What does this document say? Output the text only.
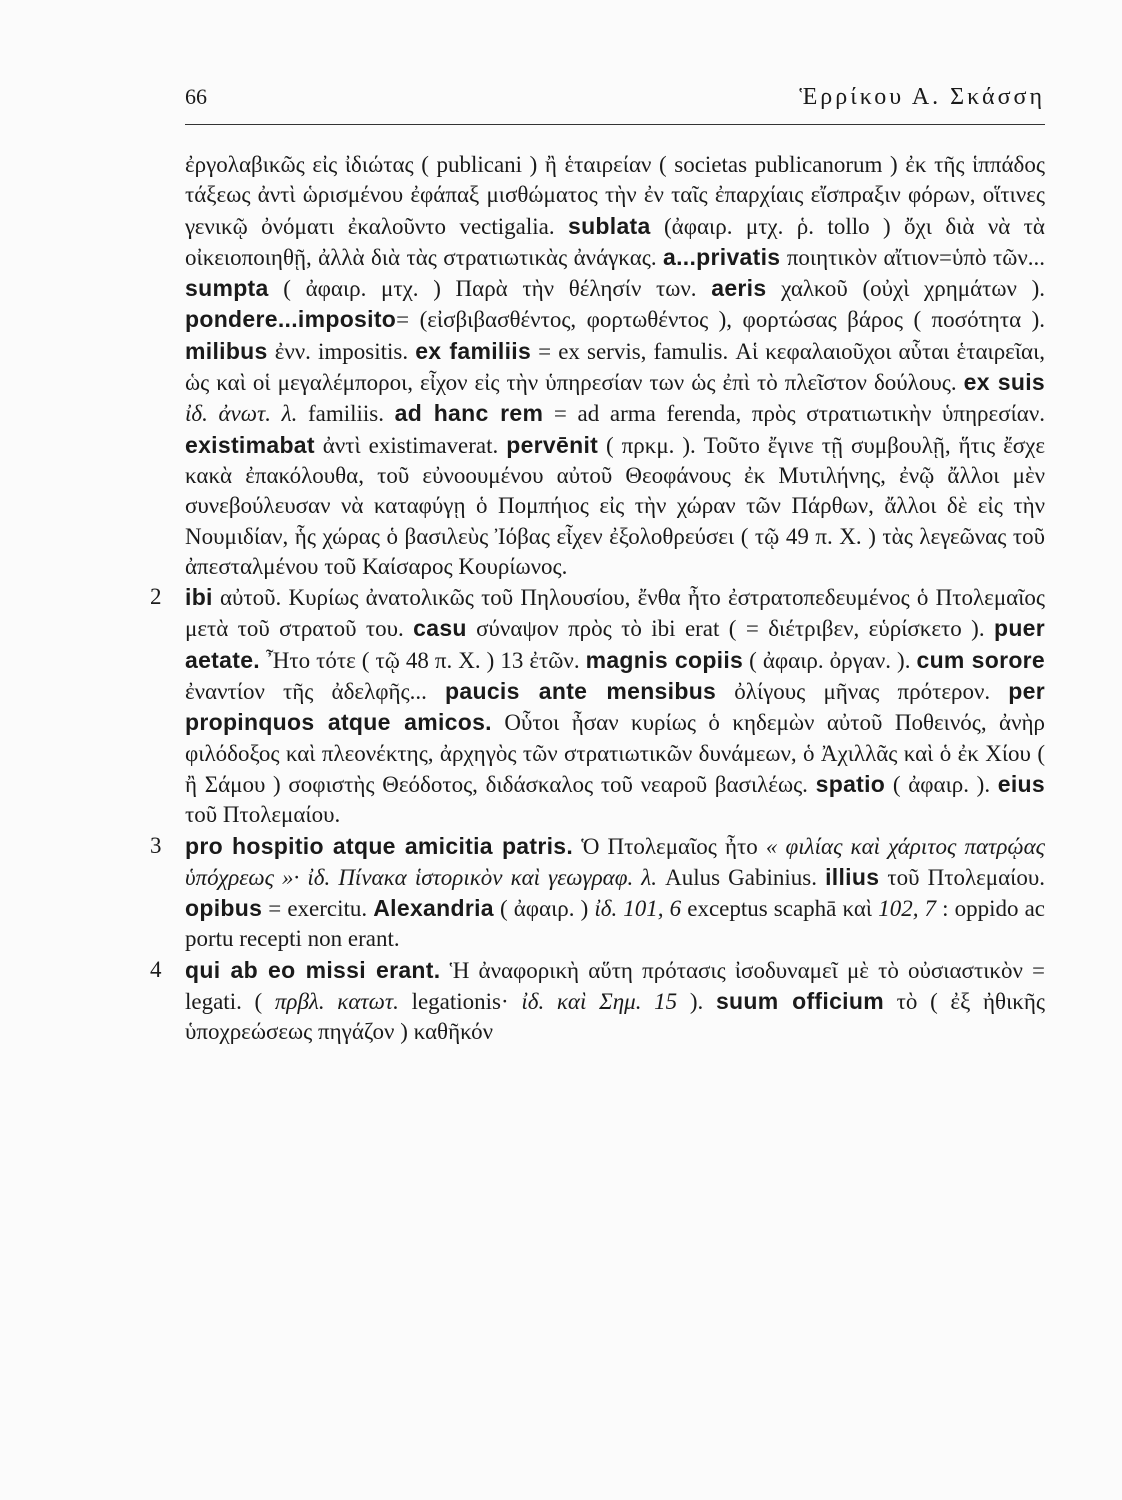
66	Ἑρρίκου Α. Σκάσση

ἐργολαβικῶς εἰς ἰδιώτας ( publicani ) ἢ ἑταιρείαν ( societas publicanorum ) ἐκ τῆς ἱππάδος τάξεως ἀντὶ ὡρισμένου ἐφάπαξ μισθώματος τὴν ἐν ταῖς ἐπαρχίαις εἴσπραξιν φόρων, οἵτινες γενικῷ ὀνόματι ἐκαλοῦντο vectigalia. sublata (ἀφαιρ. μτχ. ῥ. tollo ) ὄχι διὰ νὰ τὰ οἰκειοποιηθῇ, ἀλλὰ διὰ τὰς στρατιωτικὰς ἀνάγκας. a...privatis ποιητικὸν αἴτιον=ὑπὸ τῶν... sumpta ( ἀφαιρ. μτχ. ) Παρὰ τὴν θέλησίν των. aeris χαλκοῦ (οὐχὶ χρημάτων ). pondere...imposito= (εἰσβιβασθέντος, φορτωθέντος ), φορτώσας βάρος ( ποσότητα ). milibus ἐνν. impositis. ex familiis = ex servis, famulis. Αἱ κεφαλαιοῦχοι αὗται ἑταιρεῖαι, ὡς καὶ οἱ μεγαλέμποροι, εἶχον εἰς τὴν ὑπηρεσίαν των ὡς ἐπὶ τὸ πλεῖστον δούλους. ex suis ἰδ. ἀνωτ. λ. familiis. ad hanc rem = ad arma ferenda, πρὸς στρατιωτικὴν ὑπηρεσίαν. existimabat ἀντὶ existimaverat. pervēnit ( πρκμ. ). Τοῦτο ἔγινε τῇ συμβουλῇ, ἥτις ἔσχε κακὰ ἐπακόλουθα, τοῦ εὐνοουμένου αὐτοῦ Θεοφάνους ἐκ Μυτιλήνης, ἐνῷ ἄλλοι μὲν συνεβούλευσαν νὰ καταφύγῃ ὁ Πομπήιος εἰς τὴν χώραν τῶν Πάρθων, ἄλλοι δὲ εἰς τὴν Νουμιδίαν, ἧς χώρας ὁ βασιλεὺς Ἰόβας εἶχεν ἐξολοθρεύσει ( τῷ 49 π. Χ. ) τὰς λεγεῶνας τοῦ ἀπεσταλμένου τοῦ Καίσαρος Κουρίωνος.

2	ibi αὐτοῦ. Κυρίως ἀνατολικῶς τοῦ Πηλουσίου, ἔνθα ἦτο ἐστρατοπεδευμένος ὁ Πτολεμαῖος μετὰ τοῦ στρατοῦ του. casu σύναψον πρὸς τὸ ibi erat ( = διέτριβεν, εὑρίσκετο ). puer aetate. Ἦτο τότε ( τῷ 48 π. Χ. ) 13 ἐτῶν. magnis copiis ( ἀφαιρ. ὀργαν. ). cum sorore ἐναντίον τῆς ἀδελφῆς... paucis ante mensibus ὀλίγους μῆνας πρότερον. per propinquos atque amicos. Οὗτοι ἦσαν κυρίως ὁ κηδεμὼν αὐτοῦ Ποθεινός, ἀνὴρ φιλόδοξος καὶ πλεονέκτης, ἀρχηγὸς τῶν στρατιωτικῶν δυνάμεων, ὁ Ἀχιλλᾶς καὶ ὁ ἐκ Χίου ( ἢ Σάμου ) σοφιστὴς Θεόδοτος, διδάσκαλος τοῦ νεαροῦ βασιλέως. spatio ( ἀφαιρ. ). eius τοῦ Πτολεμαίου.

3	pro hospitio atque amicitia patris. Ὁ Πτολεμαῖος ἦτο « φιλίας καὶ χάριτος πατρῴας ὑπόχρεως »· ἰδ. Πίνακα ἱστορικὸν καὶ γεωγραφ. λ. Aulus Gabinius. illius τοῦ Πτολεμαίου. opibus = exercitu. Alexandria ( ἀφαιρ. ) ἰδ. 101, 6 exceptus scaphā καὶ 102, 7 : oppido ac portu recepti non erant.

4	qui ab eo missi erant. Ἡ ἀναφορικὴ αὕτη πρότασις ἰσοδυναμεῖ μὲ τὸ οὐσιαστικὸν = legati. ( πρβλ. κατωτ. legationis· ἰδ. καὶ Σημ. 15 ). suum officium τὸ ( ἐξ ἠθικῆς ὑποχρεώσεως πηγάζον ) καθῆκόν
